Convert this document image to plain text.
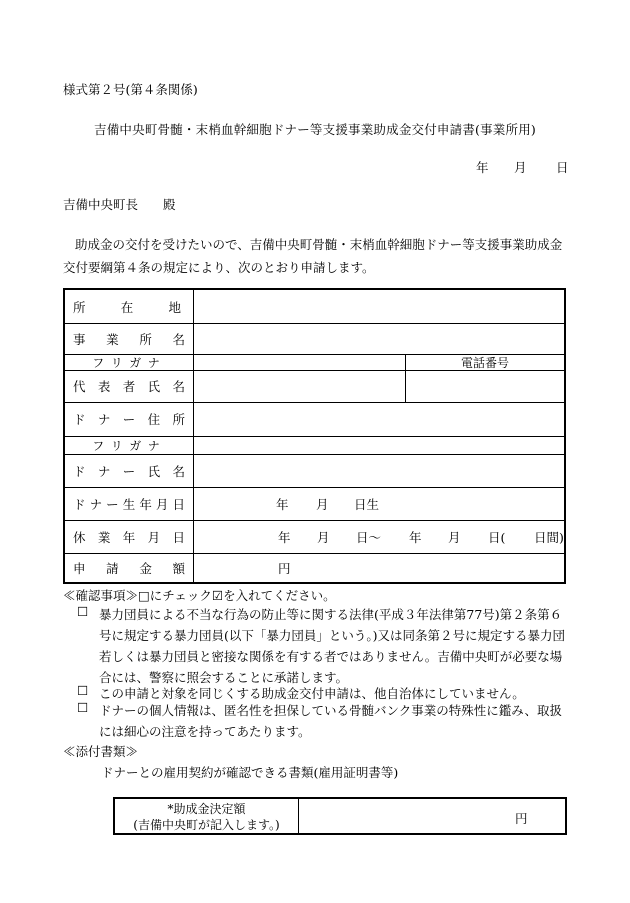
様式第２号(第４条関係)
吉備中央町骨髄・末梢血幹細胞ドナー等支援事業助成金交付申請書(事業所用)
年 月 日
吉備中央町長　　殿
助成金の交付を受けたいので、吉備中央町骨髄・末梢血幹細胞ドナー等支援事業助成金交付要綱第４条の規定により、次のとおり申請します。
所	在	地
事 業 所 名
フ リ ガ ナ	電話番号
代 表 者 氏 名
ド ナ ー 住 所
フ リ ガ ナ
ド ナ ー 氏 名
ド ナ ー 生 年 月 日	年 月 日生
休 業 年 月 日	年 月 日～ 年 月 日( 日間)
申 請 金 額	円
≪確認事項≫□にチェック☑を入れてください。
☐ 暴力団員による不当な行為の防止等に関する法律(平成３年法律第77号)第２条第６号に規定する暴力団員(以下「暴力団員」という。)又は同条第２号に規定する暴力団若しくは暴力団員と密接な関係を有する者ではありません。吉備中央町が必要な場合には、警察に照会することに承諾します。
☐ この申請と対象を同じくする助成金交付申請は、他自治体にしていません。
☐ ドナーの個人情報は、匿名性を担保している骨髄バンク事業の特殊性に鑑み、取扱には細心の注意を持ってあたります。
≪添付書類≫
ドナーとの雇用契約が確認できる書類(雇用証明書等)
*助成金決定額
(吉備中央町が記入します。)	円
